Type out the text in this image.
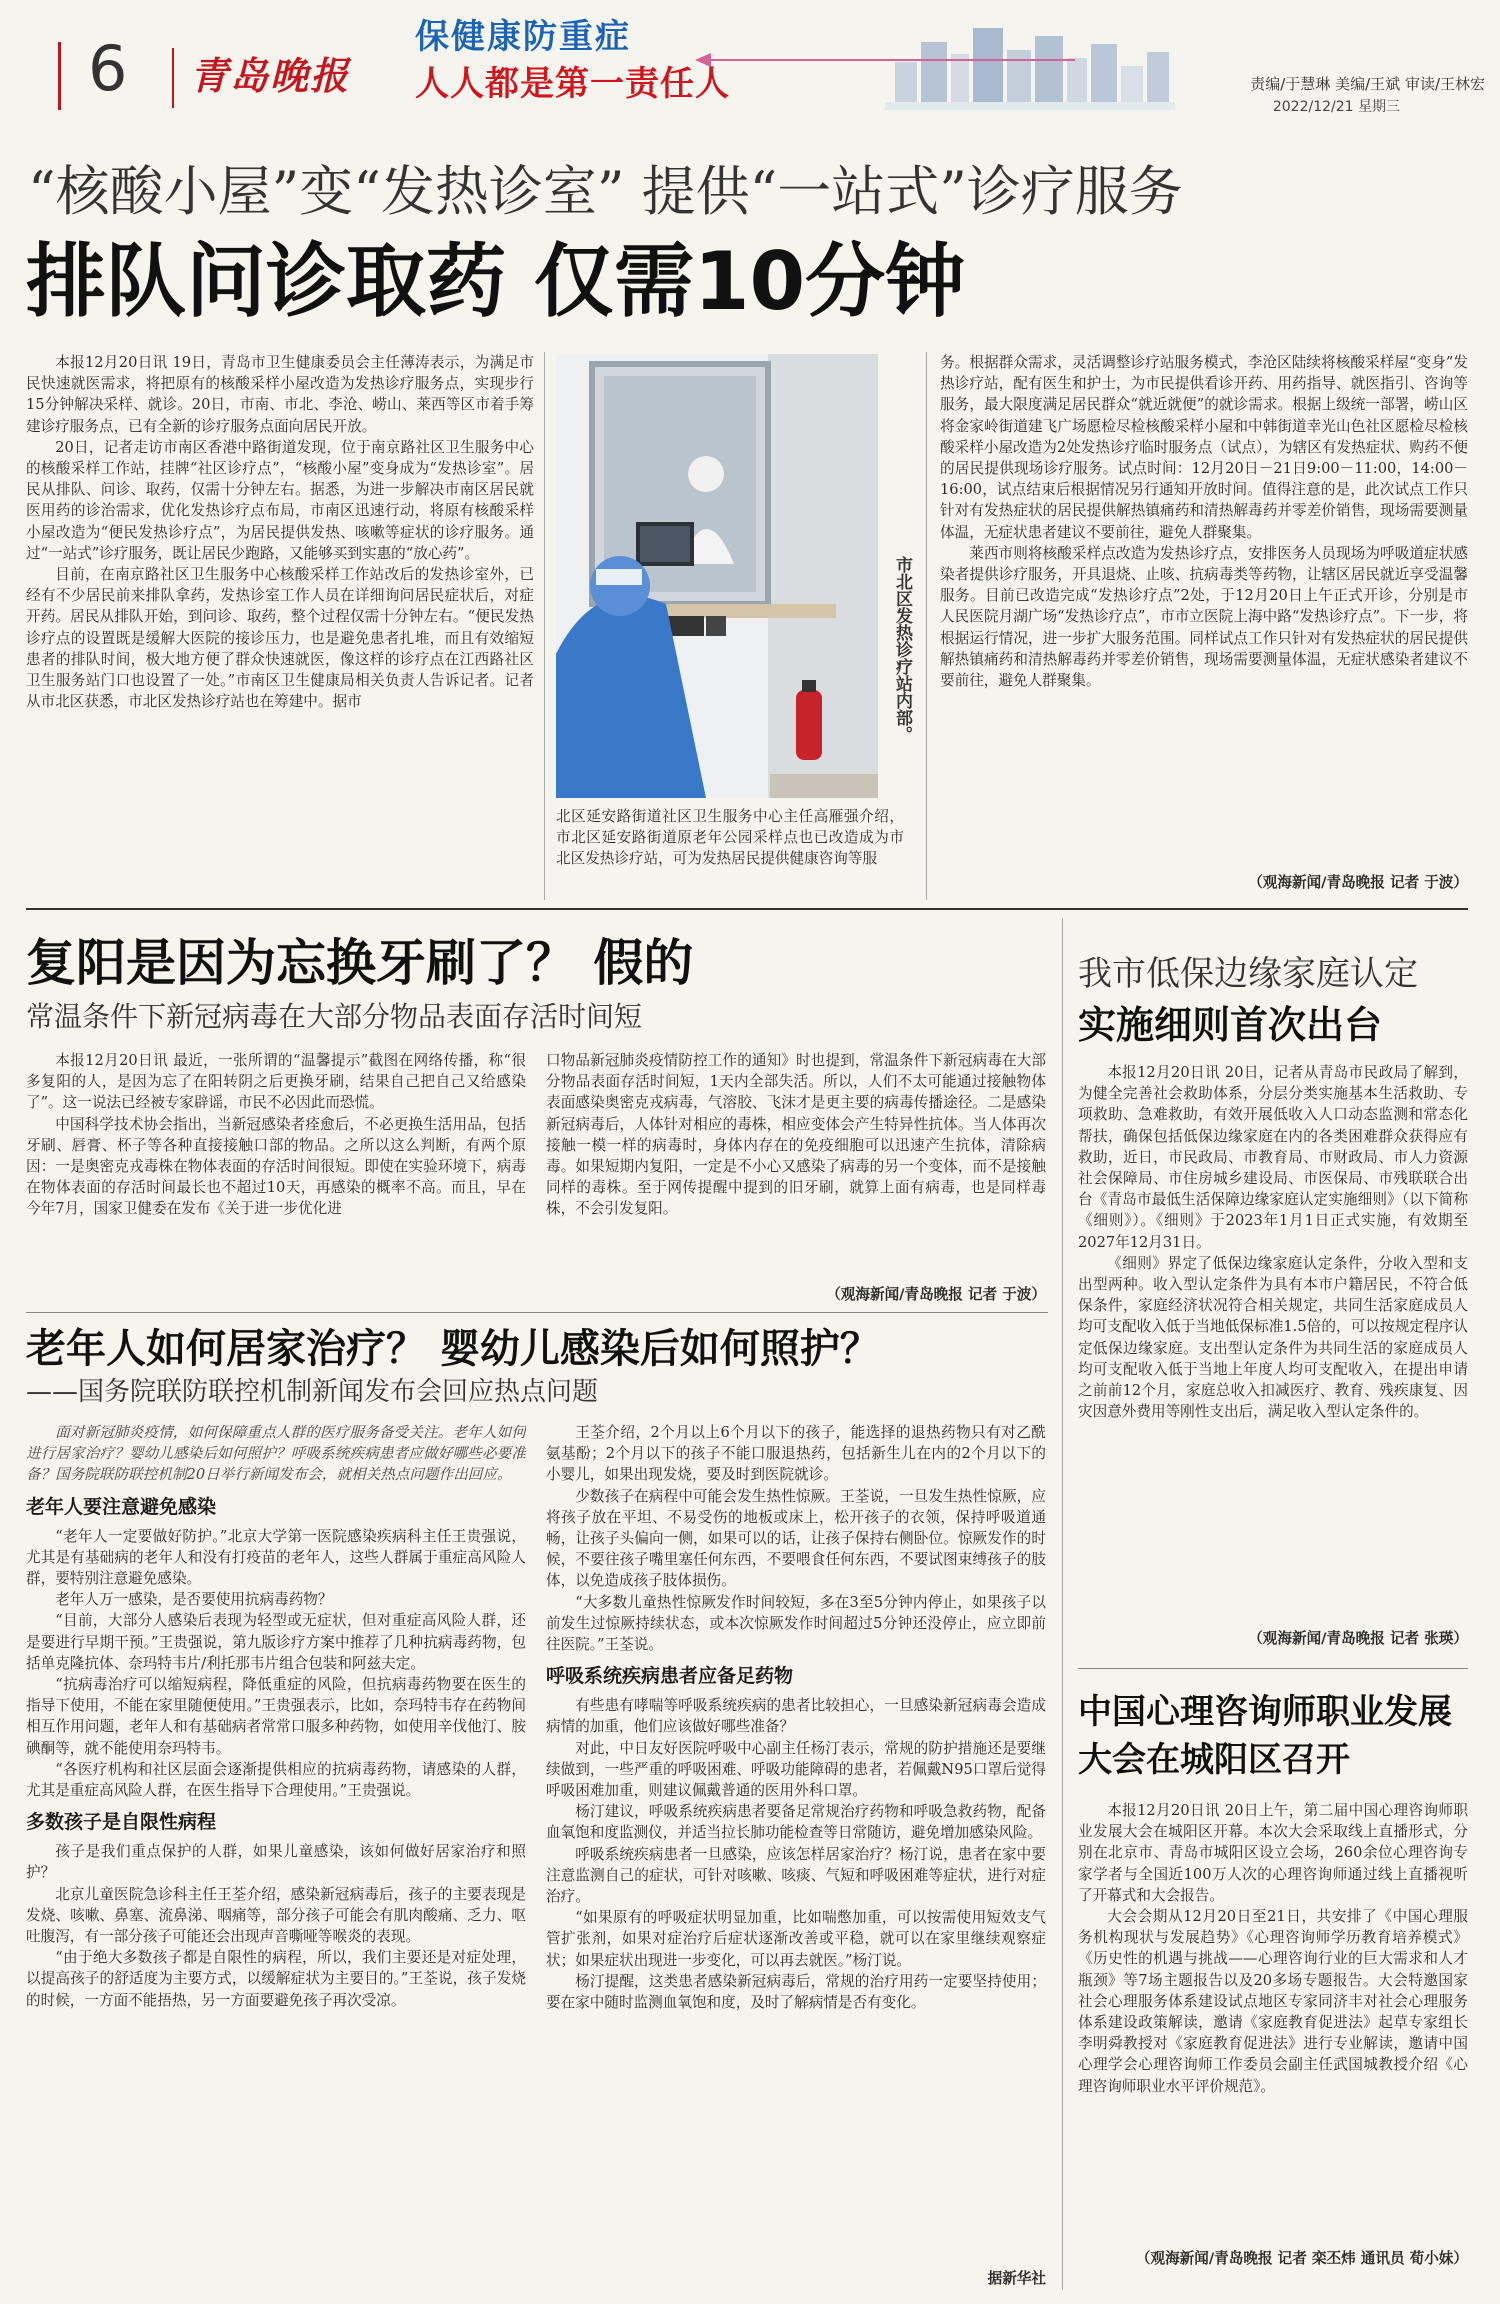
6 青岛晚报
保健康防重症
人人都是第一责任人	责编/于慧琳 美编/王斌 审读/王林宏
2022/12/21 星期三
“核酸小屋”变“发热诊室” 提供“一站式”诊疗服务
排队问诊取药 仅需10分钟

本报12月20日讯 19日，青岛市卫生健康委员会主任薄涛表示，为满足市民快速就医需求，将把原有的核酸采样小屋改造为发热诊疗服务点，实现步行15分钟解决采样、就诊。20日，市南、市北、李沧、崂山、莱西等区市着手筹建诊疗服务点，已有全新的诊疗服务点面向居民开放。

20日，记者走访市南区香港中路街道发现，位于南京路社区卫生服务中心的核酸采样工作站，挂牌“社区诊疗点”，“核酸小屋”变身成为“发热诊室”。居民从排队、问诊、取药，仅需十分钟左右。据悉，为进一步解决市南区居民就医用药的诊治需求，优化发热诊疗点布局，市南区迅速行动，将原有核酸采样小屋改造为“便民发热诊疗点”，为居民提供发热、咳嗽等症状的诊疗服务。通过“一站式”诊疗服务，既让居民少跑路，又能够买到实惠的“放心药”。

目前，在南京路社区卫生服务中心核酸采样工作站改后的发热诊室外，已经有不少居民前来排队拿药，发热诊室工作人员在详细询问居民症状后，对症开药。居民从排队开始，到问诊、取药，整个过程仅需十分钟左右。“便民发热诊疗点的设置既是缓解大医院的接诊压力，也是避免患者扎堆，而且有效缩短患者的排队时间，极大地方便了群众快速就医，像这样的诊疗点在江西路社区卫生服务站门口也设置了一处。”市南区卫生健康局相关负责人告诉记者。记者从市北区获悉，市北区发热诊疗站也在筹建中。据市	市北区发热诊疗站内部。

北区延安路街道社区卫生服务中心主任高雁强介绍，市北区延安路街道原老年公园采样点也已改造成为市北区发热诊疗站，可为发热居民提供健康咨询等服

务。根据群众需求，灵活调整诊疗站服务模式，李沧区陆续将核酸采样屋“变身”发热诊疗站，配有医生和护士，为市民提供看诊开药、用药指导、就医指引、咨询等服务，最大限度满足居民群众“就近就便”的就诊需求。根据上级统一部署，崂山区将金家岭街道建飞广场愿检尽检核酸采样小屋和中韩街道幸光山色社区愿检尽检核酸采样小屋改造为2处发热诊疗临时服务点（试点），为辖区有发热症状、购药不便的居民提供现场诊疗服务。试点时间：12月20日－21日9:00－11:00，14:00－16:00，试点结束后根据情况另行通知开放时间。值得注意的是，此次试点工作只针对有发热症状的居民提供解热镇痛药和清热解毒药并零差价销售，现场需要测量体温，无症状患者建议不要前往，避免人群聚集。

莱西市则将核酸采样点改造为发热诊疗点，安排医务人员现场为呼吸道症状感染者提供诊疗服务，开具退烧、止咳、抗病毒类等药物，让辖区居民就近享受温馨服务。目前已改造完成“发热诊疗点”2处，于12月20日上午正式开诊，分别是市人民医院月湖广场“发热诊疗点”，市市立医院上海中路“发热诊疗点”。下一步，将根据运行情况，进一步扩大服务范围。同样试点工作只针对有发热症状的居民提供解热镇痛药和清热解毒药并零差价销售，现场需要测量体温，无症状感染者建议不要前往，避免人群聚集。

（观海新闻/青岛晚报 记者 于波）
复阳是因为忘换牙刷了？ 假的
常温条件下新冠病毒在大部分物品表面存活时间短

本报12月20日讯 最近，一张所谓的“温馨提示”截图在网络传播，称“很多复阳的人，是因为忘了在阳转阴之后更换牙刷，结果自己把自己又给感染了”。这一说法已经被专家辟谣，市民不必因此而恐慌。

中国科学技术协会指出，当新冠感染者痊愈后，不必更换生活用品，包括牙刷、唇膏、杯子等各种直接接触口部的物品。之所以这么判断，有两个原因：一是奥密克戎毒株在物体表面的存活时间很短。即使在实验环境下，病毒在物体表面的存活时间最长也不超过10天，再感染的概率不高。而且，早在今年7月，国家卫健委在发布《关于进一步优化进

口物品新冠肺炎疫情防控工作的通知》时也提到，常温条件下新冠病毒在大部分物品表面存活时间短，1天内全部失活。所以，人们不太可能通过接触物体表面感染奥密克戎病毒，气溶胶、飞沫才是更主要的病毒传播途径。二是感染新冠病毒后，人体针对相应的毒株，相应变体会产生特异性抗体。当人体再次接触一模一样的病毒时，身体内存在的免疫细胞可以迅速产生抗体，清除病毒。如果短期内复阳，一定是不小心又感染了病毒的另一个变体，而不是接触同样的毒株。至于网传提醒中提到的旧牙刷，就算上面有病毒，也是同样毒株，不会引发复阳。

（观海新闻/青岛晚报 记者 于波）
老年人如何居家治疗？ 婴幼儿感染后如何照护？
——国务院联防联控机制新闻发布会回应热点问题

面对新冠肺炎疫情，如何保障重点人群的医疗服务备受关注。老年人如何进行居家治疗？婴幼儿感染后如何照护？呼吸系统疾病患者应做好哪些必要准备？国务院联防联控机制20日举行新闻发布会，就相关热点问题作出回应。

老年人要注意避免感染

“老年人一定要做好防护。”北京大学第一医院感染疾病科主任王贵强说，尤其是有基础病的老年人和没有打疫苗的老年人，这些人群属于重症高风险人群，要特别注意避免感染。

老年人万一感染，是否要使用抗病毒药物？

“目前，大部分人感染后表现为轻型或无症状，但对重症高风险人群，还是要进行早期干预。”王贵强说，第九版诊疗方案中推荐了几种抗病毒药物，包括单克隆抗体、奈玛特韦片/利托那韦片组合包装和阿兹夫定。

“抗病毒治疗可以缩短病程，降低重症的风险，但抗病毒药物要在医生的指导下使用，不能在家里随便使用。”王贵强表示，比如，奈玛特韦存在药物间相互作用问题，老年人和有基础病者常常口服多种药物，如使用辛伐他汀、胺碘酮等，就不能使用奈玛特韦。

“各医疗机构和社区层面会逐渐提供相应的抗病毒药物，请感染的人群，尤其是重症高风险人群，在医生指导下合理使用。”王贵强说。

多数孩子是自限性病程

孩子是我们重点保护的人群，如果儿童感染，该如何做好居家治疗和照护？

北京儿童医院急诊科主任王荃介绍，感染新冠病毒后，孩子的主要表现是发烧、咳嗽、鼻塞、流鼻涕、咽痛等，部分孩子可能会有肌肉酸痛、乏力、呕吐腹泻，有一部分孩子可能还会出现声音嘶哑等喉炎的表现。

“由于绝大多数孩子都是自限性的病程，所以，我们主要还是对症处理，以提高孩子的舒适度为主要方式，以缓解症状为主要目的。”王荃说，孩子发烧的时候，一方面不能捂热，另一方面要避免孩子再次受凉。

王荃介绍，2个月以上6个月以下的孩子，能选择的退热药物只有对乙酰氨基酚；2个月以下的孩子不能口服退热药，包括新生儿在内的2个月以下的小婴儿，如果出现发烧，要及时到医院就诊。

少数孩子在病程中可能会发生热性惊厥。王荃说，一旦发生热性惊厥，应将孩子放在平坦、不易受伤的地板或床上，松开孩子的衣领，保持呼吸道通畅，让孩子头偏向一侧，如果可以的话，让孩子保持右侧卧位。惊厥发作的时候，不要往孩子嘴里塞任何东西，不要喂食任何东西，不要试图束缚孩子的肢体，以免造成孩子肢体损伤。

“大多数儿童热性惊厥发作时间较短，多在3至5分钟内停止，如果孩子以前发生过惊厥持续状态，或本次惊厥发作时间超过5分钟还没停止，应立即前往医院。”王荃说。

呼吸系统疾病患者应备足药物

有些患有哮喘等呼吸系统疾病的患者比较担心，一旦感染新冠病毒会造成病情的加重，他们应该做好哪些准备？

对此，中日友好医院呼吸中心副主任杨汀表示，常规的防护措施还是要继续做到，一些严重的呼吸困难、呼吸功能障碍的患者，若佩戴N95口罩后觉得呼吸困难加重，则建议佩戴普通的医用外科口罩。

杨汀建议，呼吸系统疾病患者要备足常规治疗药物和呼吸急救药物，配备血氧饱和度监测仪，并适当拉长肺功能检查等日常随访，避免增加感染风险。

呼吸系统疾病患者一旦感染，应该怎样居家治疗？杨汀说，患者在家中要注意监测自己的症状，可针对咳嗽、咳痰、气短和呼吸困难等症状，进行对症治疗。

“如果原有的呼吸症状明显加重，比如喘憋加重，可以按需使用短效支气管扩张剂，如果对症治疗后症状逐渐改善或平稳，就可以在家里继续观察症状；如果症状出现进一步变化，可以再去就医。”杨汀说。

杨汀提醒，这类患者感染新冠病毒后，常规的治疗用药一定要坚持使用；要在家中随时监测血氧饱和度，及时了解病情是否有变化。

据新华社
我市低保边缘家庭认定
实施细则首次出台

本报12月20日讯 20日，记者从青岛市民政局了解到，为健全完善社会救助体系，分层分类实施基本生活救助、专项救助、急难救助，有效开展低收入人口动态监测和常态化帮扶，确保包括低保边缘家庭在内的各类困难群众获得应有救助，近日，市民政局、市教育局、市财政局、市人力资源社会保障局、市住房城乡建设局、市医保局、市残联联合出台《青岛市最低生活保障边缘家庭认定实施细则》（以下简称《细则》）。《细则》于2023年1月1日正式实施，有效期至2027年12月31日。

《细则》界定了低保边缘家庭认定条件，分收入型和支出型两种。收入型认定条件为具有本市户籍居民，不符合低保条件，家庭经济状况符合相关规定，共同生活家庭成员人均可支配收入低于当地低保标准1.5倍的，可以按规定程序认定低保边缘家庭。支出型认定条件为共同生活的家庭成员人均可支配收入低于当地上年度人均可支配收入，在提出申请之前前12个月，家庭总收入扣减医疗、教育、残疾康复、因灾因意外费用等刚性支出后，满足收入型认定条件的。

（观海新闻/青岛晚报 记者 张瑛）
中国心理咨询师职业发展大会在城阳区召开

本报12月20日讯 20日上午，第二届中国心理咨询师职业发展大会在城阳区开幕。本次大会采取线上直播形式，分别在北京市、青岛市城阳区设立会场，260余位心理咨询专家学者与全国近100万人次的心理咨询师通过线上直播视听了开幕式和大会报告。

大会会期从12月20日至21日，共安排了《中国心理服务机构现状与发展趋势》《心理咨询师学历教育培养模式》《历史性的机遇与挑战——心理咨询行业的巨大需求和人才瓶颈》等7场主题报告以及20多场专题报告。大会特邀国家社会心理服务体系建设试点地区专家同济丰对社会心理服务体系建设政策解读，邀请《家庭教育促进法》起草专家组长李明舜教授对《家庭教育促进法》进行专业解读，邀请中国心理学会心理咨询师工作委员会副主任武国城教授介绍《心理咨询师职业水平评价规范》。

（观海新闻/青岛晚报 记者 栾丕炜 通讯员 荀小妹）
